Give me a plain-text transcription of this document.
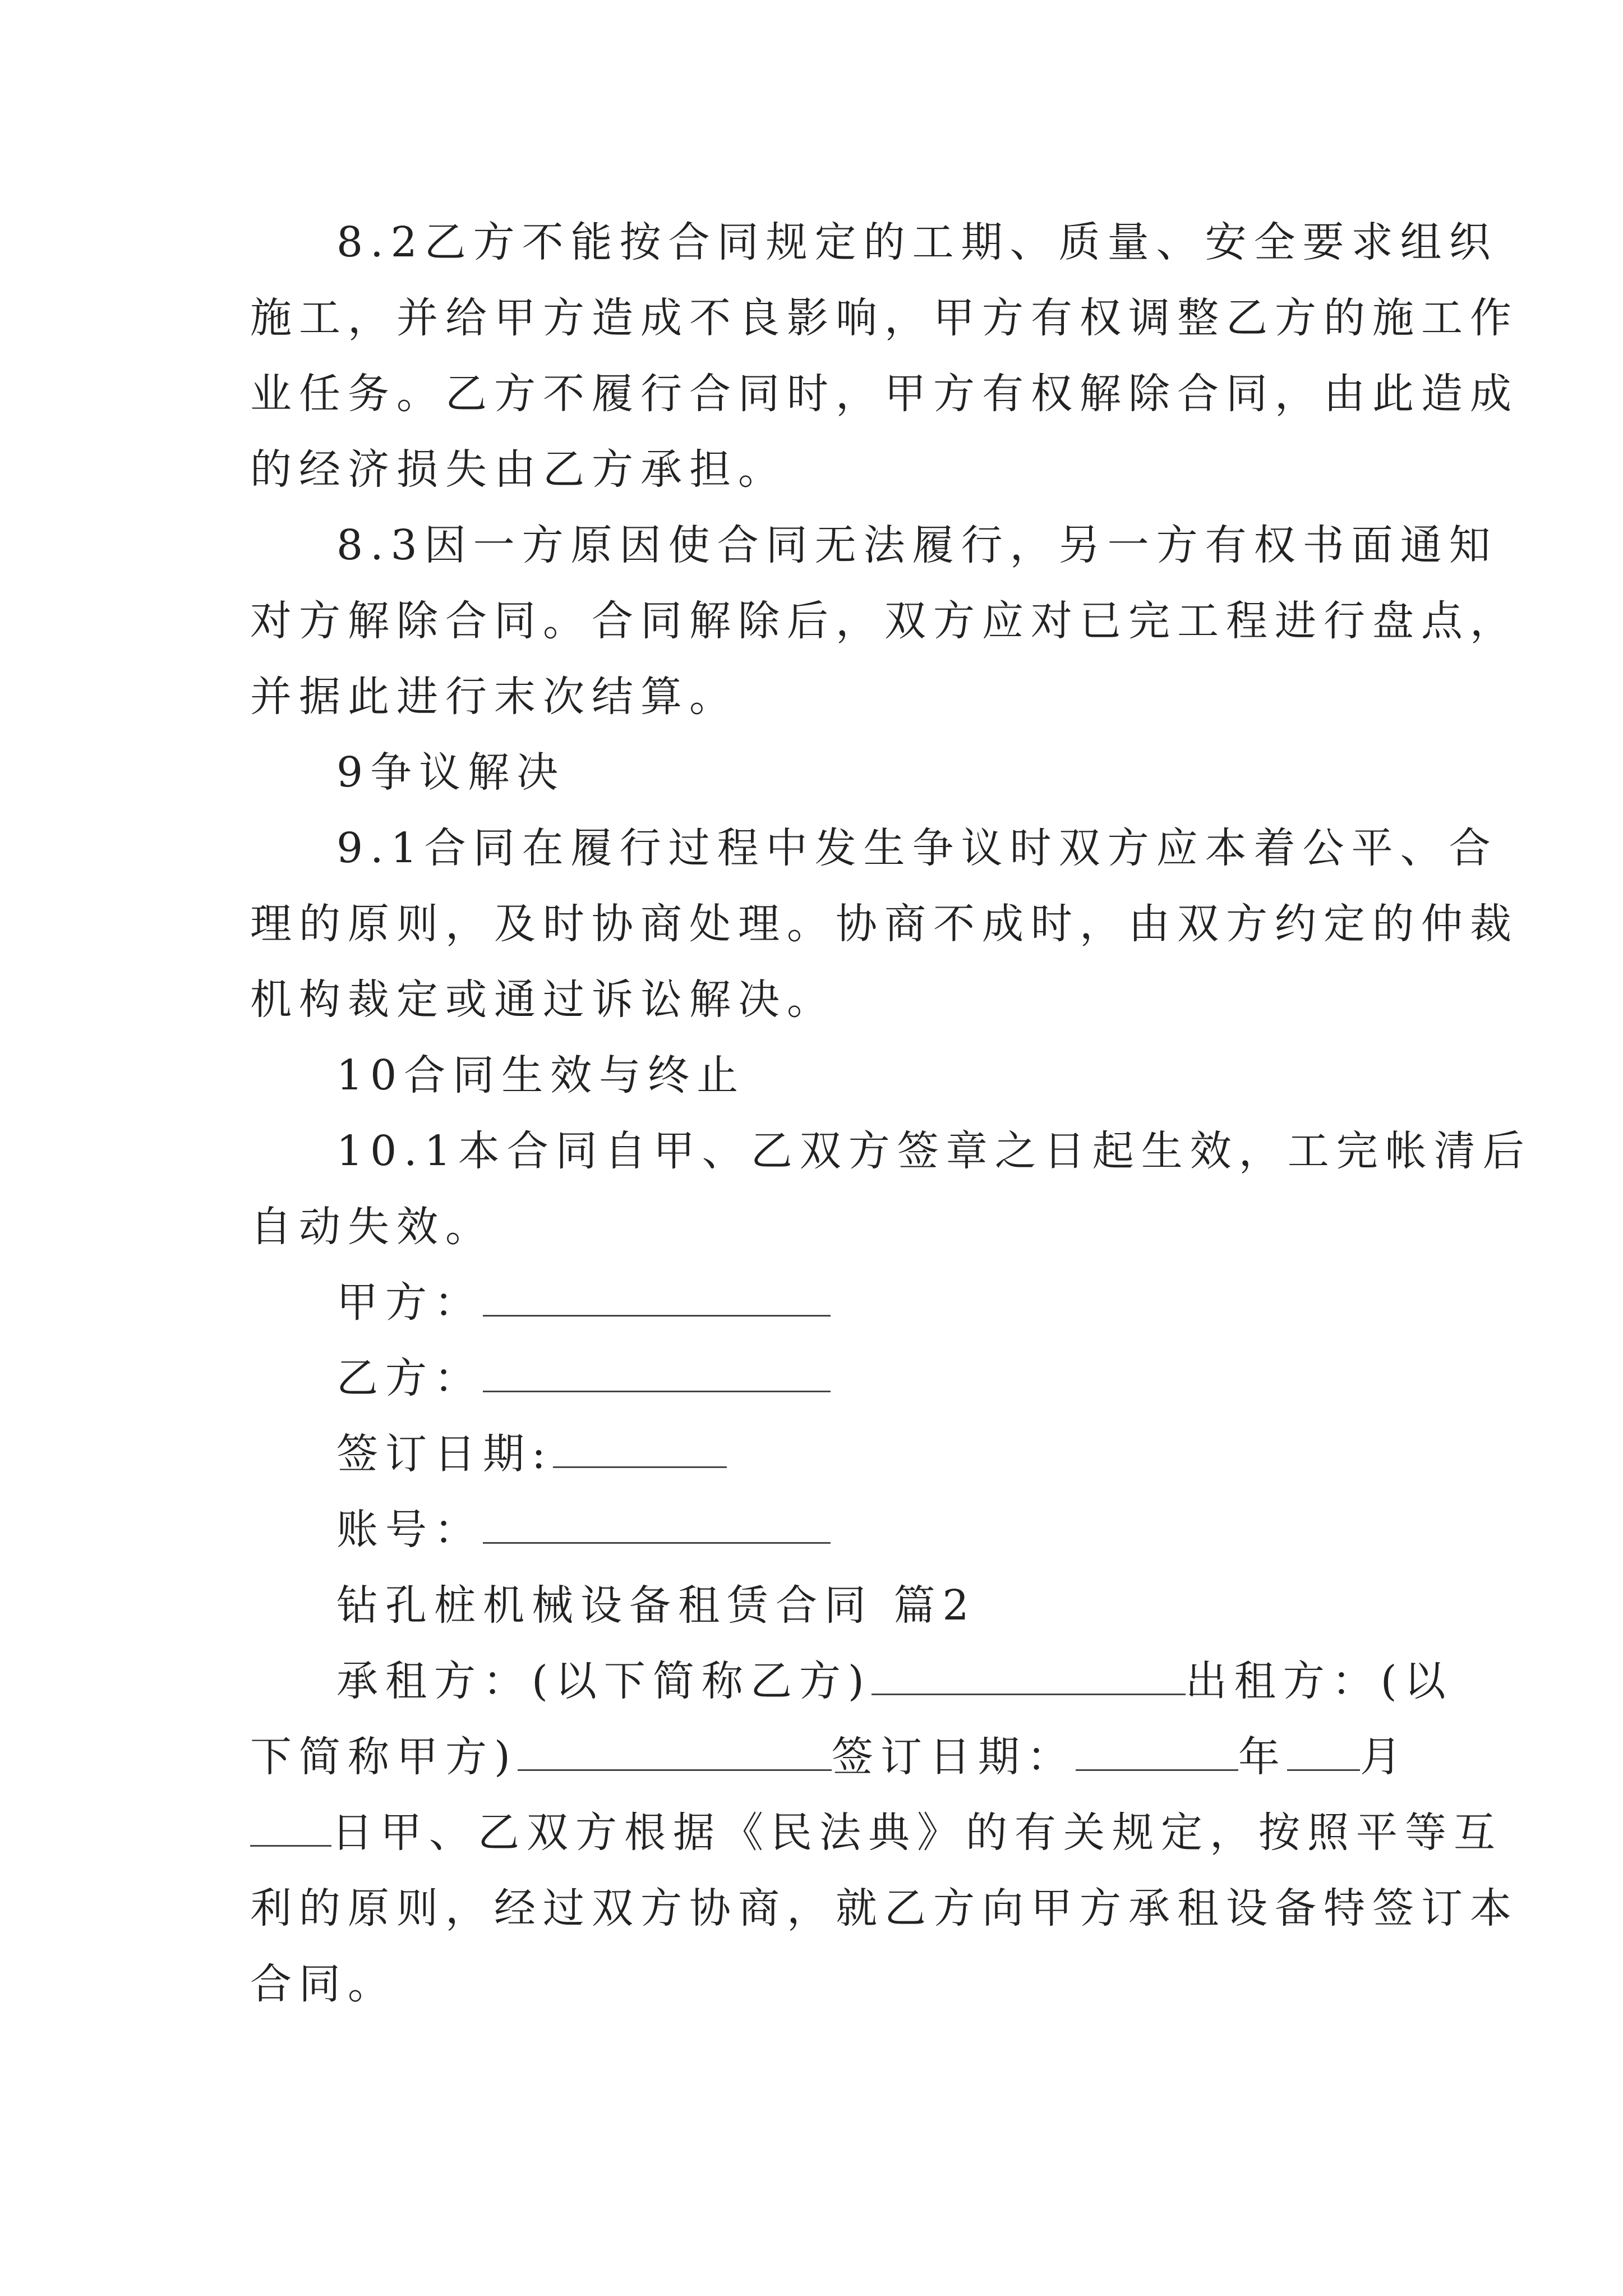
8.2乙方不能按合同规定的工期、质量、安全要求组织
施工，并给甲方造成不良影响，甲方有权调整乙方的施工作
业任务。乙方不履行合同时，甲方有权解除合同，由此造成
的经济损失由乙方承担。
8.3因一方原因使合同无法履行，另一方有权书面通知
对方解除合同。合同解除后，双方应对已完工程进行盘点，
并据此进行末次结算。
9争议解决
9.1合同在履行过程中发生争议时双方应本着公平、合
理的原则，及时协商处理。协商不成时，由双方约定的仲裁
机构裁定或通过诉讼解决。
10合同生效与终止
10.1本合同自甲、乙双方签章之日起生效，工完帐清后
自动失效。
甲方：
乙方：
签订日期:
账号：
钻孔桩机械设备租赁合同 篇2
承租方：(以下简称乙方)	出租方：(以
下简称甲方)	签订日期：	年 月
日甲、乙双方根据《民法典》的有关规定，按照平等互
利的原则，经过双方协商，就乙方向甲方承租设备特签订本
合同。
